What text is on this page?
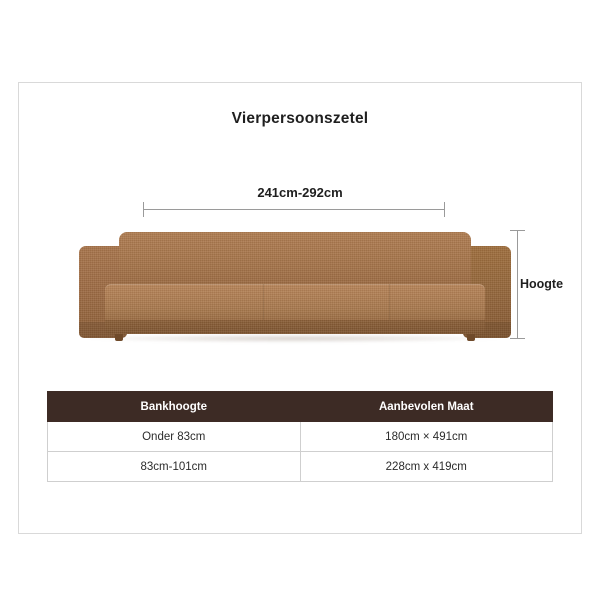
Vierpersoonszetel
241cm-292cm
Hoogte
Bankhoogte	Aanbevolen Maat
Onder 83cm	180cm × 491cm
83cm-101cm	228cm x 419cm
